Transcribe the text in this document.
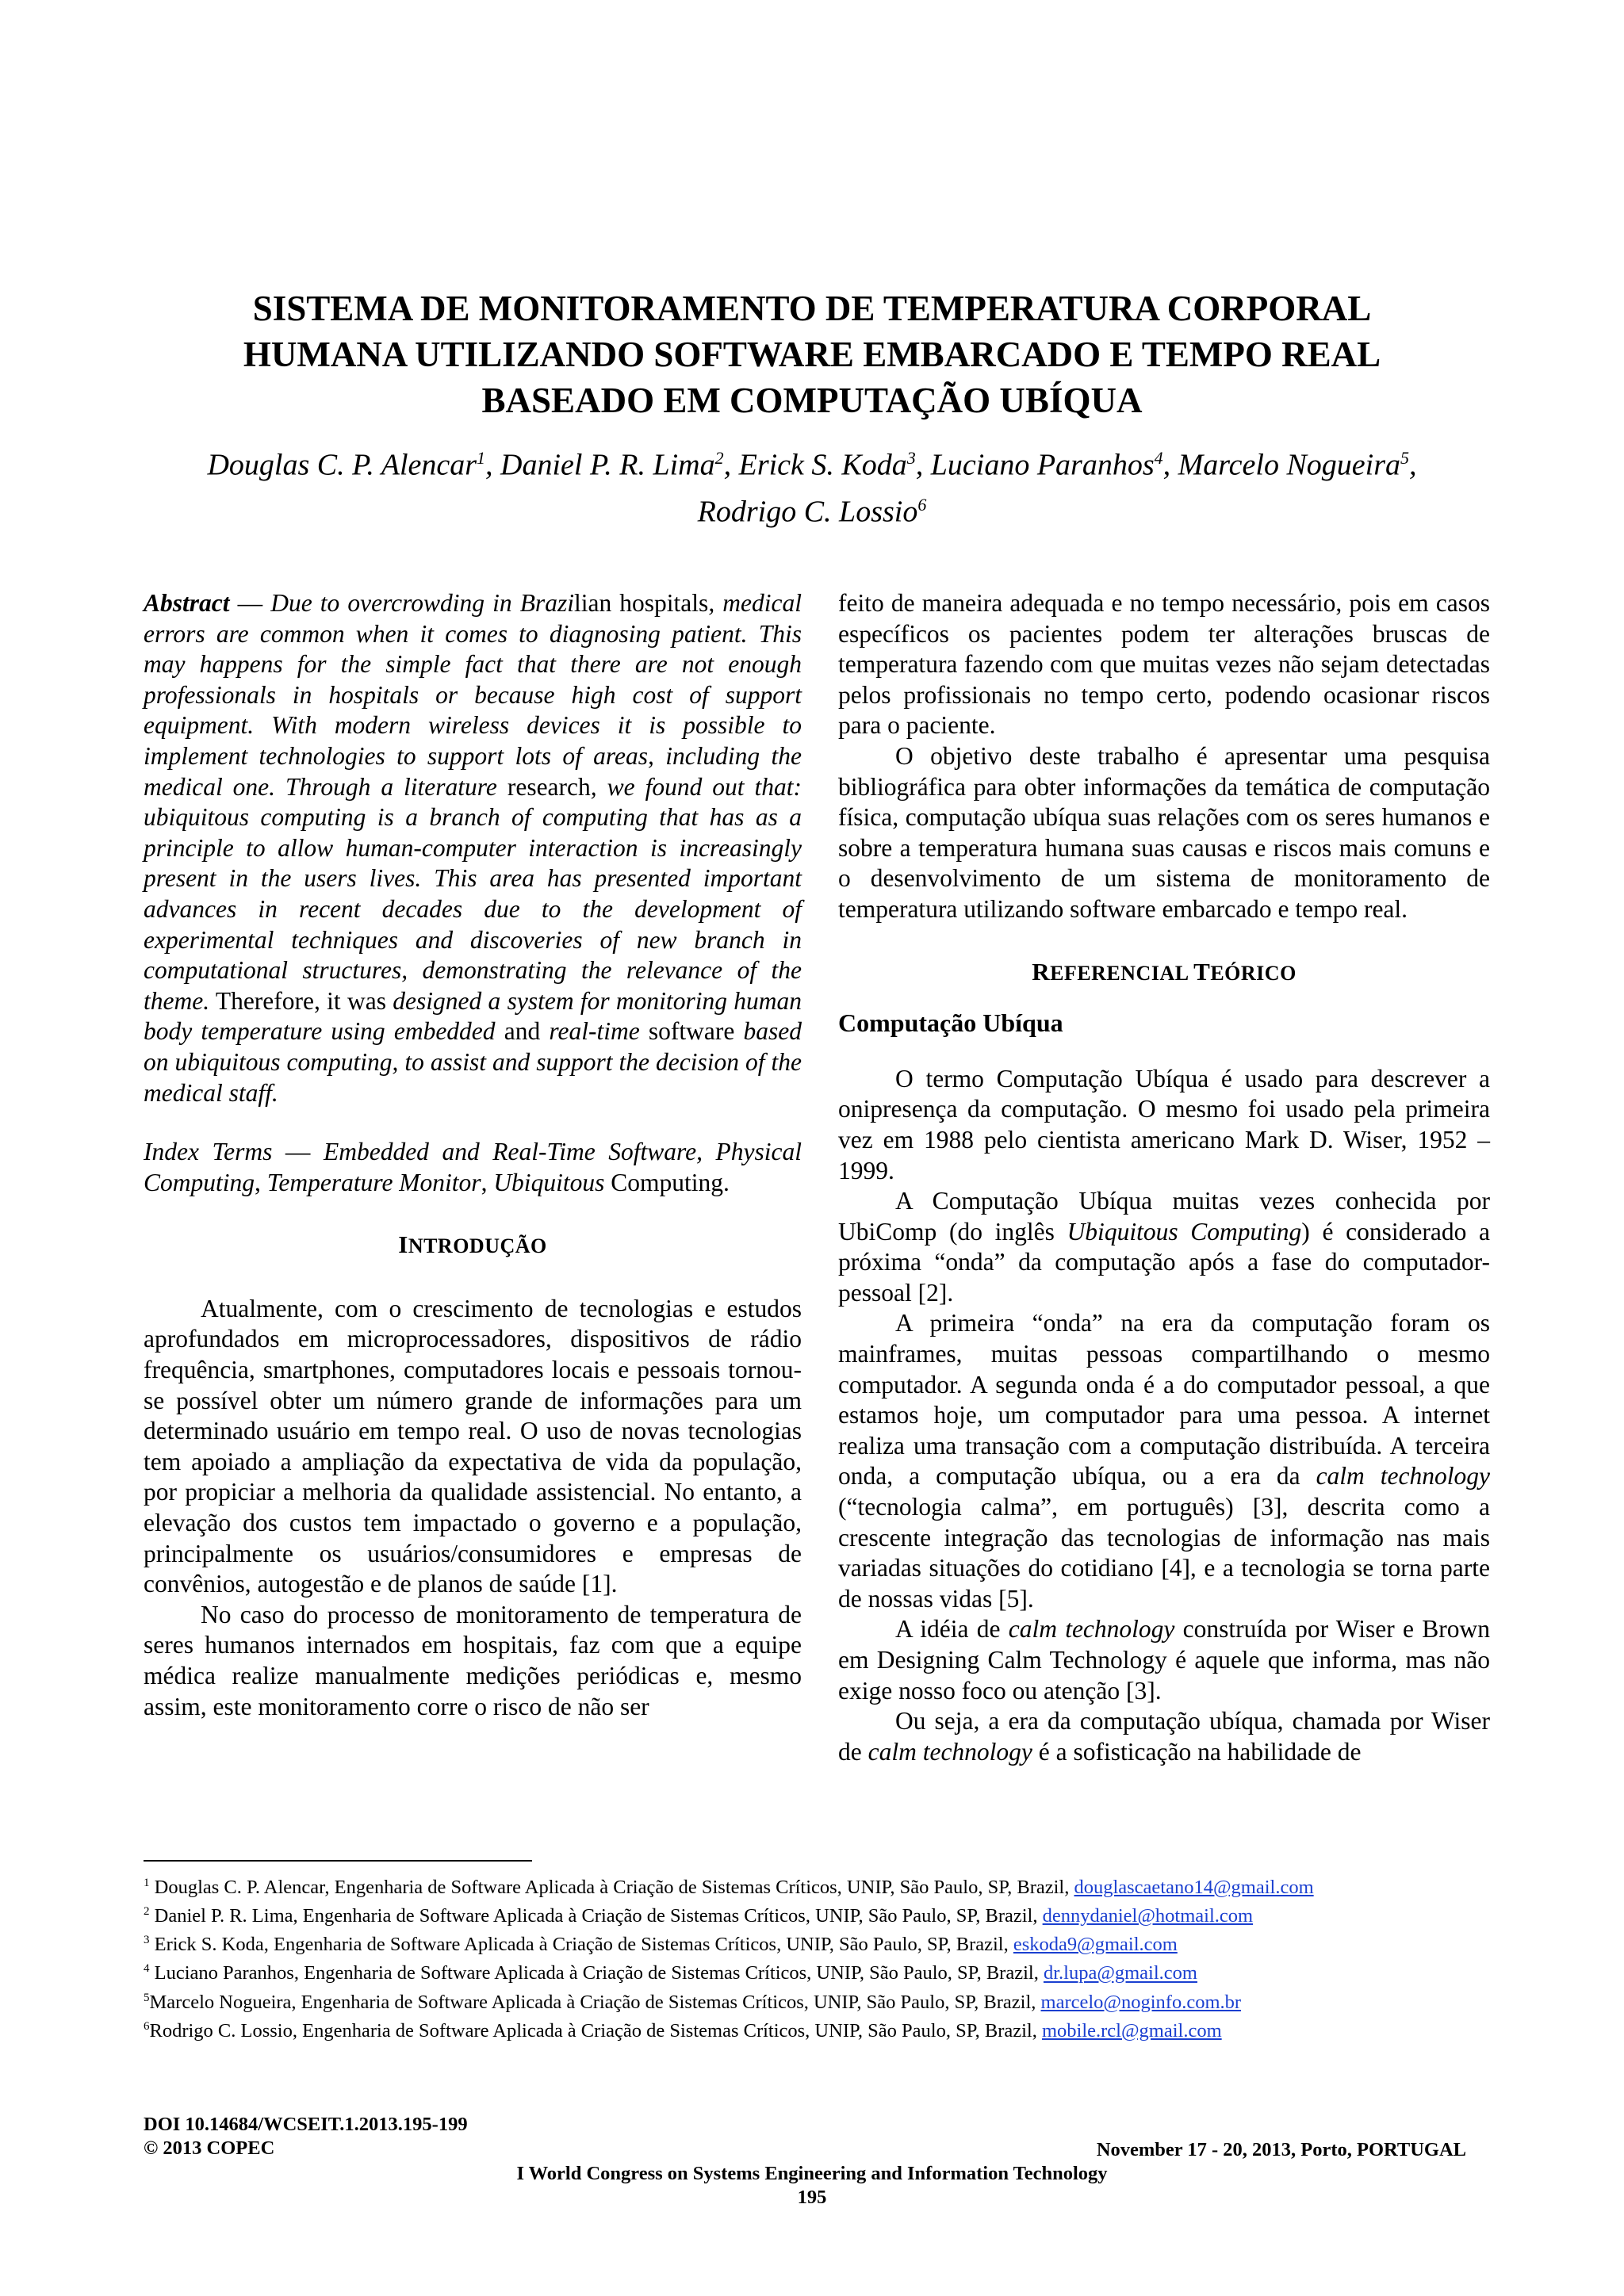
SISTEMA DE MONITORAMENTO DE TEMPERATURA CORPORAL
HUMANA UTILIZANDO SOFTWARE EMBARCADO E TEMPO REAL
BASEADO EM COMPUTAÇÃO UBÍQUA
Douglas C. P. Alencar$^1$, Daniel P. R. Lima$^2$, Erick S. Koda$^3$, Luciano Paranhos$^4$, Marcelo Nogueira$^5$,
Rodrigo C. Lossio$^6$

Abstract — Due to overcrowding in Brazilian hospitals, medical errors are common when it comes to diagnosing patient. This may happens for the simple fact that there are not enough professionals in hospitals or because high cost of support equipment. With modern wireless devices it is possible to implement technologies to support lots of areas, including the medical one. Through a literature research, we found out that: ubiquitous computing is a branch of computing that has as a principle to allow human-computer interaction is increasingly present in the users lives. This area has presented important advances in recent decades due to the development of experimental techniques and discoveries of new branch in computational structures, demonstrating the relevance of the theme. Therefore, it was designed a system for monitoring human body temperature using embedded and real-time software based on ubiquitous computing, to assist and support the decision of the medical staff.

Index Terms — Embedded and Real-Time Software, Physical Computing, Temperature Monitor, Ubiquitous Computing.

INTRODUÇÃO

Atualmente, com o crescimento de tecnologias e estudos aprofundados em microprocessadores, dispositivos de rádio frequência, smartphones, computadores locais e pessoais tornou-se possível obter um número grande de informações para um determinado usuário em tempo real. O uso de novas tecnologias tem apoiado a ampliação da expectativa de vida da população, por propiciar a melhoria da qualidade assistencial. No entanto, a elevação dos custos tem impactado o governo e a população, principalmente os usuários/consumidores e empresas de convênios, autogestão e de planos de saúde [1].

No caso do processo de monitoramento de temperatura de seres humanos internados em hospitais, faz com que a equipe médica realize manualmente medições periódicas e, mesmo assim, este monitoramento corre o risco de não ser

feito de maneira adequada e no tempo necessário, pois em casos específicos os pacientes podem ter alterações bruscas de temperatura fazendo com que muitas vezes não sejam detectadas pelos profissionais no tempo certo, podendo ocasionar riscos para o paciente.

O objetivo deste trabalho é apresentar uma pesquisa bibliográfica para obter informações da temática de computação física, computação ubíqua suas relações com os seres humanos e sobre a temperatura humana suas causas e riscos mais comuns e o desenvolvimento de um sistema de monitoramento de temperatura utilizando software embarcado e tempo real.

REFERENCIAL TEÓRICO
Computação Ubíqua

O termo Computação Ubíqua é usado para descrever a onipresença da computação. O mesmo foi usado pela primeira vez em 1988 pelo cientista americano Mark D. Wiser, 1952 – 1999.

A Computação Ubíqua muitas vezes conhecida por UbiComp (do inglês Ubiquitous Computing) é considerado a próxima “onda” da computação após a fase do computador-pessoal [2].

A primeira “onda” na era da computação foram os mainframes, muitas pessoas compartilhando o mesmo computador. A segunda onda é a do computador pessoal, a que estamos hoje, um computador para uma pessoa. A internet realiza uma transação com a computação distribuída. A terceira onda, a computação ubíqua, ou a era da calm technology (“tecnologia calma”, em português) [3], descrita como a crescente integração das tecnologias de informação nas mais variadas situações do cotidiano [4], e a tecnologia se torna parte de nossas vidas [5].

A idéia de calm technology construída por Wiser e Brown em Designing Calm Technology é aquele que informa, mas não exige nosso foco ou atenção [3].

Ou seja, a era da computação ubíqua, chamada por Wiser de calm technology é a sofisticação na habilidade de

$^1$ Douglas C. P. Alencar, Engenharia de Software Aplicada à Criação de Sistemas Críticos, UNIP, São Paulo, SP, Brazil, douglascaetano14@gmail.com
$^2$ Daniel P. R. Lima, Engenharia de Software Aplicada à Criação de Sistemas Críticos, UNIP, São Paulo, SP, Brazil, dennydaniel@hotmail.com
$^3$ Erick S. Koda, Engenharia de Software Aplicada à Criação de Sistemas Críticos, UNIP, São Paulo, SP, Brazil, eskoda9@gmail.com
$^4$ Luciano Paranhos, Engenharia de Software Aplicada à Criação de Sistemas Críticos, UNIP, São Paulo, SP, Brazil, dr.lupa@gmail.com
$^5$Marcelo Nogueira, Engenharia de Software Aplicada à Criação de Sistemas Críticos, UNIP, São Paulo, SP, Brazil, marcelo@noginfo.com.br
$^6$Rodrigo C. Lossio, Engenharia de Software Aplicada à Criação de Sistemas Críticos, UNIP, São Paulo, SP, Brazil, mobile.rcl@gmail.com
DOI 10.14684/WCSEIT.1.2013.195-199
© 2013 COPEC	November 17 - 20, 2013, Porto, PORTUGAL
I World Congress on Systems Engineering and Information Technology
195
